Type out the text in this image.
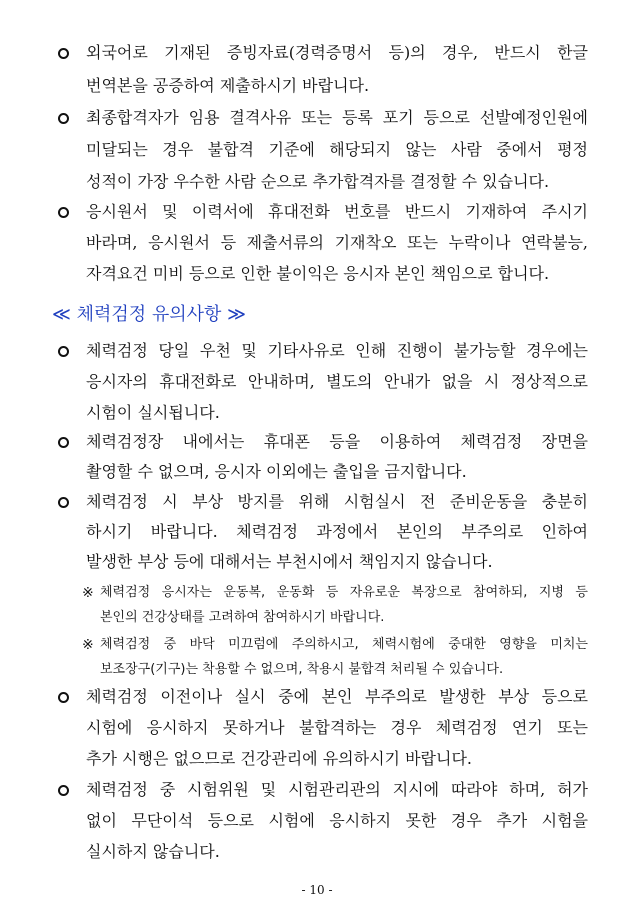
외국어로 기재된 증빙자료(경력증명서 등)의 경우, 반드시 한글
번역본을 공증하여 제출하시기 바랍니다.
최종합격자가 임용 결격사유 또는 등록 포기 등으로 선발예정인원에
미달되는 경우 불합격 기준에 해당되지 않는 사람 중에서 평정
성적이 가장 우수한 사람 순으로 추가합격자를 결정할 수 있습니다.
응시원서 및 이력서에 휴대전화 번호를 반드시 기재하여 주시기
바라며, 응시원서 등 제출서류의 기재착오 또는 누락이나 연락불능,
자격요건 미비 등으로 인한 불이익은 응시자 본인 책임으로 합니다.
≪ 체력검정 유의사항 ≫
체력검정 당일 우천 및 기타사유로 인해 진행이 불가능할 경우에는
응시자의 휴대전화로 안내하며, 별도의 안내가 없을 시 정상적으로
시험이 실시됩니다.
체력검정장 내에서는 휴대폰 등을 이용하여 체력검정 장면을
촬영할 수 없으며, 응시자 이외에는 출입을 금지합니다.
체력검정 시 부상 방지를 위해 시험실시 전 준비운동을 충분히
하시기 바랍니다. 체력검정 과정에서 본인의 부주의로 인하여
발생한 부상 등에 대해서는 부천시에서 책임지지 않습니다.
※ 체력검정 응시자는 운동복, 운동화 등 자유로운 복장으로 참여하되, 지병 등
본인의 건강상태를 고려하여 참여하시기 바랍니다.
※ 체력검정 중 바닥 미끄럼에 주의하시고, 체력시험에 중대한 영향을 미치는
보조장구(기구)는 착용할 수 없으며, 착용시 불합격 처리될 수 있습니다.
체력검정 이전이나 실시 중에 본인 부주의로 발생한 부상 등으로
시험에 응시하지 못하거나 불합격하는 경우 체력검정 연기 또는
추가 시행은 없으므로 건강관리에 유의하시기 바랍니다.
체력검정 중 시험위원 및 시험관리관의 지시에 따라야 하며, 허가
없이 무단이석 등으로 시험에 응시하지 못한 경우 추가 시험을
실시하지 않습니다.
- 10 -
